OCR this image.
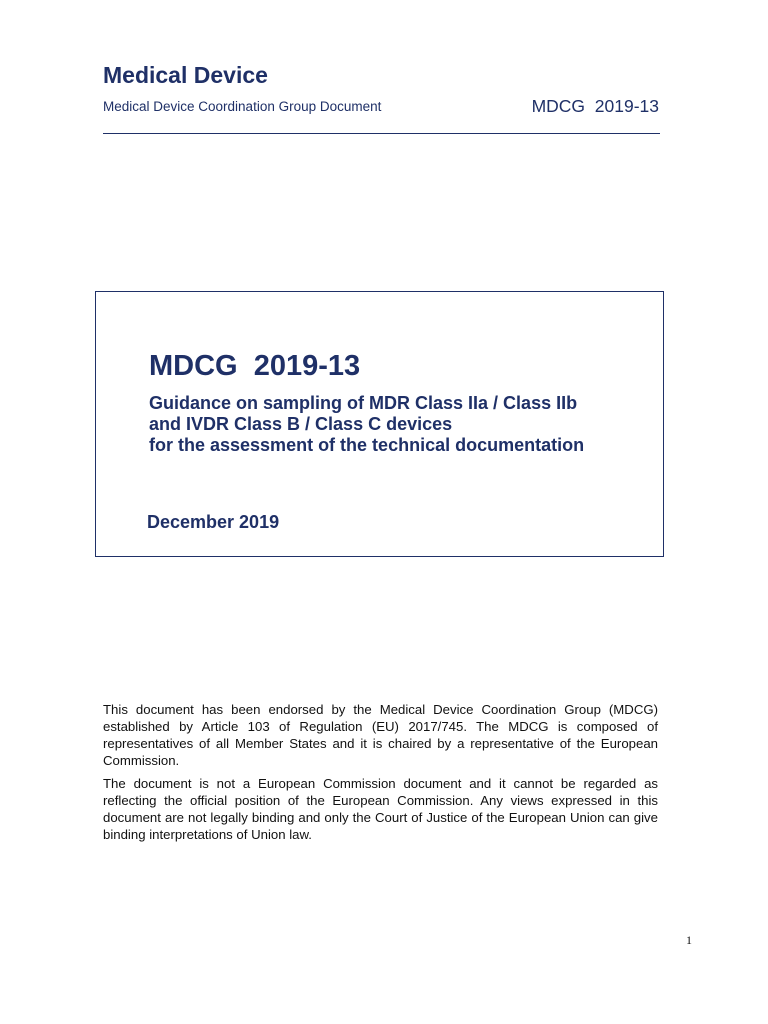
Medical Device
Medical Device Coordination Group Document	MDCG  2019-13
MDCG  2019-13
Guidance on sampling of MDR Class IIa / Class IIb
and IVDR Class B / Class C devices
for the assessment of the technical documentation
December 2019

This document has been endorsed by the Medical Device Coordination Group (MDCG) established by Article 103 of Regulation (EU) 2017/745. The MDCG is composed of representatives of all Member States and it is chaired by a representative of the European Commission.

The document is not a European Commission document and it cannot be regarded as reflecting the official position of the European Commission. Any views expressed in this document are not legally binding and only the Court of Justice of the European Union can give binding interpretations of Union law.

1
